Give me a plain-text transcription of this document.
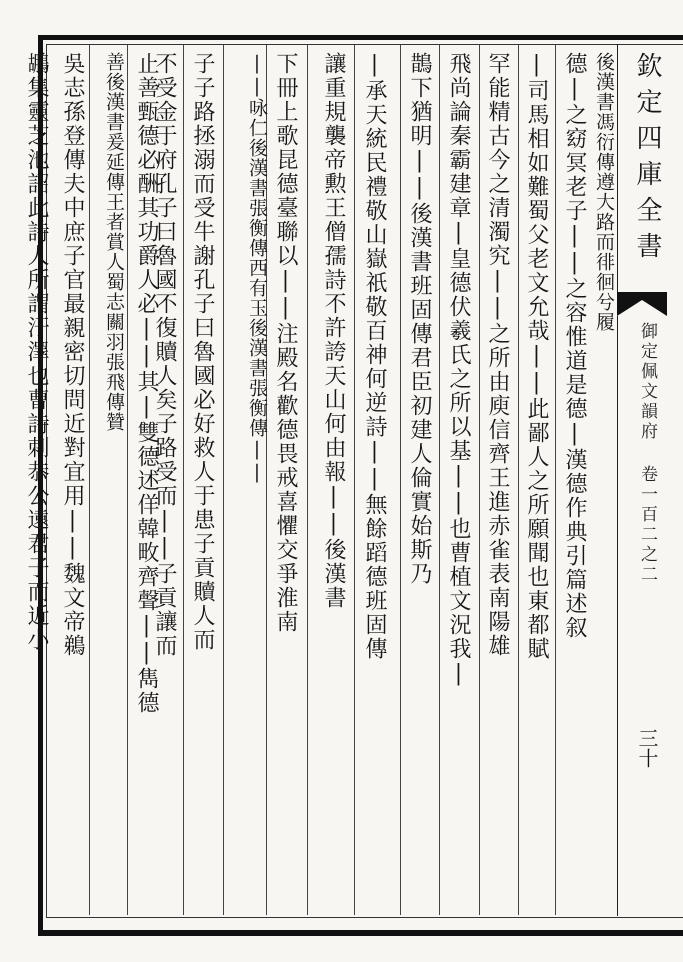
欽定四庫全書
御定佩文韻府 卷一百二之二
三十
德|之窈冥老子||之容惟道是德|漢德作典引篇述叙 後漢書馮衍傳遵大路而徘徊兮履
|司馬相如難蜀父老文允哉||此鄙人之所願聞也東都賦
罕能精古今之清濁究||之所由庾信齊王進赤雀表南陽雄
飛尚論秦霸建章|皇德伏羲氏之所以基||也曹植文況我|
鵲下猶明||後漢書班固傳君臣初建人倫實始斯乃
|承天統民禮敬山嶽祇敬百神何逆詩||無餘蹈德班固傳
讓重規襲帝勲王僧孺詩不許誇天山何由報||後漢書
下冊上歌昆德臺聯以||注殿名歡德畏戒喜懼交爭淮南
||咏仁後漢書張衡傳西有玉後漢書張衡傳||
子子路拯溺而受牛謝孔子曰魯國必好救人于患子貢贖人而
不受金于府孔子曰魯國不復贖人矣子路受而||子貢讓而
止善甄德必酬其功爵人必||其|雙德述佯韓畋齊聲||雋德
善後漢書爰延傳王者賞人蜀志關羽張飛傳贊
吳志孫登傳夫中庶子官最親密切問近對宜用||魏文帝鵜
鶘集靈芝池詔此詩人所謂汙澤也曹詩刺恭公遠君子而近小
